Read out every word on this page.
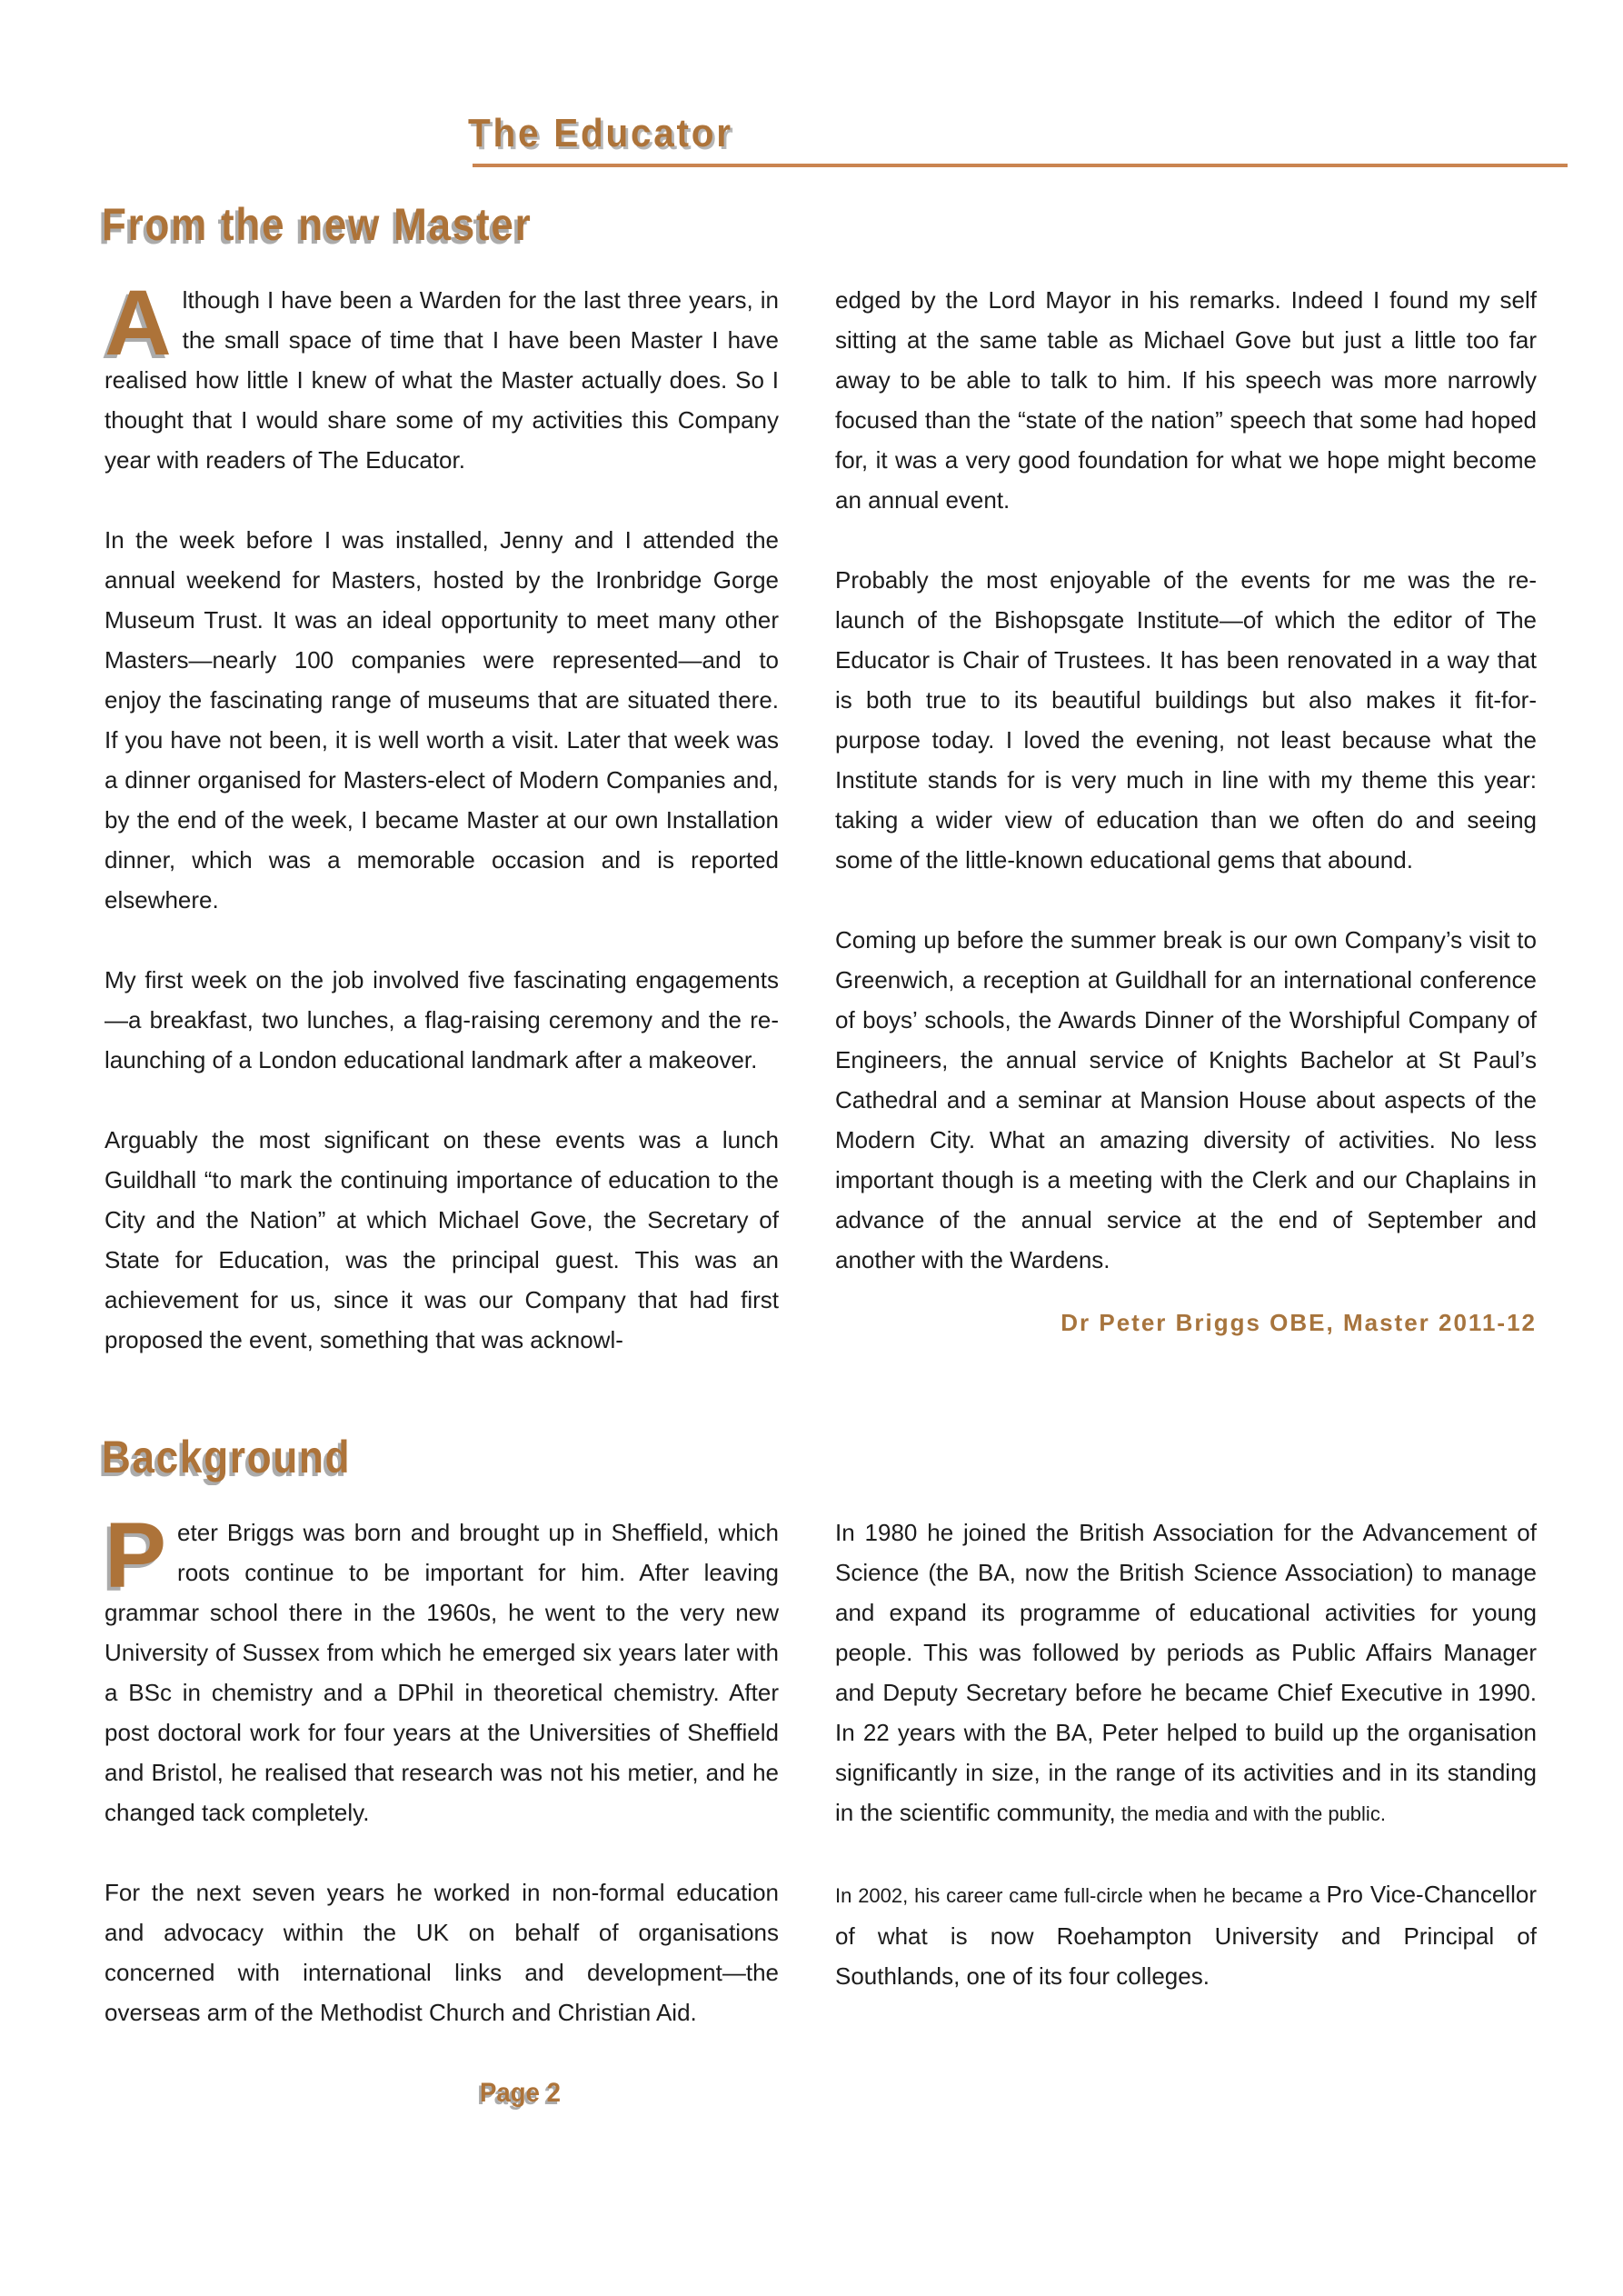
The Educator
From the new Master

A lthough I have been a Warden for the last three years, in the small space of time that I have been Master I have realised how little I knew of what the Master actually does. So I thought that I would share some of my activities this Company year with readers of The Educator.

In the week before I was installed, Jenny and I attended the annual weekend for Masters, hosted by the Ironbridge Gorge Museum Trust. It was an ideal opportunity to meet many other Masters—nearly 100 companies were represented—and to enjoy the fascinating range of museums that are situated there. If you have not been, it is well worth a visit. Later that week was a dinner organised for Masters-elect of Modern Companies and, by the end of the week, I became Master at our own Installation dinner, which was a memorable occasion and is reported elsewhere.

My first week on the job involved five fascinating engagements—a breakfast, two lunches, a flag-raising ceremony and the re-launching of a London educational landmark after a makeover.

Arguably the most significant on these events was a lunch Guildhall “to mark the continuing importance of education to the City and the Nation” at which Michael Gove, the Secretary of State for Education, was the principal guest. This was an achievement for us, since it was our Company that had first proposed the event, something that was acknowl-

edged by the Lord Mayor in his remarks. Indeed I found my self sitting at the same table as Michael Gove but just a little too far away to be able to talk to him. If his speech was more narrowly focused than the “state of the nation” speech that some had hoped for, it was a very good foundation for what we hope might become an annual event.

Probably the most enjoyable of the events for me was the re-launch of the Bishopsgate Institute—of which the editor of The Educator is Chair of Trustees. It has been renovated in a way that is both true to its beautiful buildings but also makes it fit-for-purpose today. I loved the evening, not least because what the Institute stands for is very much in line with my theme this year: taking a wider view of education than we often do and seeing some of the little-known educational gems that abound.

Coming up before the summer break is our own Company’s visit to Greenwich, a reception at Guildhall for an international conference of boys’ schools, the Awards Dinner of the Worshipful Company of Engineers, the annual service of Knights Bachelor at St Paul’s Cathedral and a seminar at Mansion House about aspects of the Modern City. What an amazing diversity of activities. No less important though is a meeting with the Clerk and our Chaplains in advance of the annual service at the end of September and another with the Wardens.

Dr Peter Briggs OBE, Master 2011-12

Background

P eter Briggs was born and brought up in Sheffield, which roots continue to be important for him. After leaving grammar school there in the 1960s, he went to the very new University of Sussex from which he emerged six years later with a BSc in chemistry and a DPhil in theoretical chemistry. After post doctoral work for four years at the Universities of Sheffield and Bristol, he realised that research was not his metier, and he changed tack completely.

For the next seven years he worked in non-formal education and advocacy within the UK on behalf of organisations concerned with international links and development—the overseas arm of the Methodist Church and Christian Aid.

In 1980 he joined the British Association for the Advancement of Science (the BA, now the British Science Association) to manage and expand its programme of educational activities for young people. This was followed by periods as Public Affairs Manager and Deputy Secretary before he became Chief Executive in 1990. In 22 years with the BA, Peter helped to build up the organisation significantly in size, in the range of its activities and in its standing in the scientific community, the media and with the public.

In 2002, his career came full-circle when he became a Pro Vice-Chancellor of what is now Roehampton University and Principal of Southlands, one of its four colleges.

Page 2
